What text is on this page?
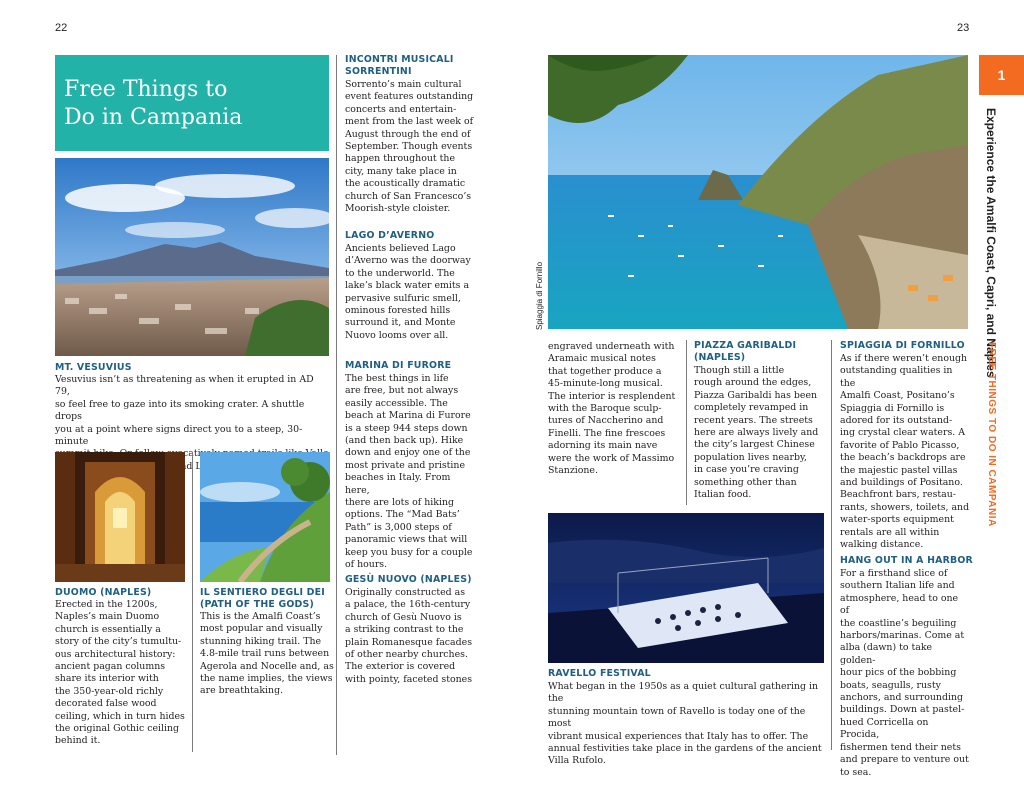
22	23
Free Things to
Do in Campania
MT. VESUVIUS
Vesuvius isn’t as threatening as when it erupted in AD 79,
so feel free to gaze into its smoking crater. A shuttle drops
you at a point where signs direct you to a steep, 30-minute
evocatively
DUOMO (NAPLES)
Erected in the 1200s,
Naples’s main Duomo
church is essentially a
story of the city’s tumultu-
ous architectural history:
ancient pagan columns
share its interior with
the 350-year-old richly
decorated false wood
ceiling, which in turn hides
the original Gothic ceiling
behind it.
IL SENTIERO DEGLI DEI
(PATH OF THE GODS)
This is the Amalfi Coast’s
most popular and visually
stunning hiking trail. The
4.8-mile trail runs between
Agerola and Nocelle and, as
the name implies, the views
are breathtaking.
INCONTRI MUSICALI
SORRENTINI
Sorrento’s main cultural
event features outstanding
concerts and entertain-
ment from the last week of
August through the end of
September. Though events
happen throughout the
city, many take place in
the acoustically dramatic
church of San Francesco’s
Moorish-style cloister.
LAGO D’AVERNO
Ancients believed Lago
d’Averno was the doorway
to the underworld. The
lake’s black water emits a
pervasive sulfuric smell,
ominous forested hills
surround it, and Monte
Nuovo looms over all.
MARINA DI FURORE
The best things in life
are free, but not always
easily accessible. The
beach at Marina di Furore
is a steep 944 steps down
(and then back up). Hike
down and enjoy one of the
most private and pristine
beaches in Italy. From here,
there are lots of hiking
options. The “Mad Bats’
Path” is 3,000 steps of
panoramic views that will
keep you busy for a couple
of hours.
GESÙ NUOVO (NAPLES)
Originally constructed as
a palace, the 16th-century
church of Gesù Nuovo is
a striking contrast to the
plain Romanesque facades
of other nearby churches.
The exterior is covered
with pointy, faceted stones
Spiaggia di Fornillo
engraved underneath with
Aramaic musical notes
that together produce a
45-minute-long musical.
The interior is resplendent
with the Baroque sculp-
tures of Naccherino and
Finelli. The fine frescoes
adorning its main nave
were the work of Massimo
Stanzione.
PIAZZA GARIBALDI
(NAPLES)
Though still a little
rough around the edges,
Piazza Garibaldi has been
completely revamped in
recent years. The streets
here are always lively and
the city’s largest Chinese
population lives nearby,
in case you’re craving
something other than
Italian food.
SPIAGGIA DI FORNILLO
As if there weren’t enough
outstanding qualities in the
Amalfi Coast, Positano’s
Spiaggia di Fornillo is
adored for its outstand-
ing crystal clear waters. A
favorite of Pablo Picasso,
the beach’s backdrops are
the majestic pastel villas
and buildings of Positano.
Beachfront bars, restau-
rants, showers, toilets, and
water-sports equipment
rentals are all within
walking distance.
HANG OUT IN A HARBOR
For a firsthand slice of
southern Italian life and
atmosphere, head to one of
the coastline’s beguiling
harbors/marinas. Come at
alba (dawn) to take golden-
hour pics of the bobbing
boats, seagulls, rusty
anchors, and surrounding
buildings. Down at pastel-
hued Corricella on Procida,
fishermen tend their nets
and prepare to venture out
to sea.
RAVELLO FESTIVAL
What began in the 1950s as a quiet cultural gathering in the
stunning mountain town of Ravello is today one of the most
vibrant musical experiences that Italy has to offer. The
annual festivities take place in the gardens of the ancient
Villa Rufolo.
1
Experience the Amalfi Coast, Capri, and Naples
FREE THINGS TO DO IN CAMPANIA
